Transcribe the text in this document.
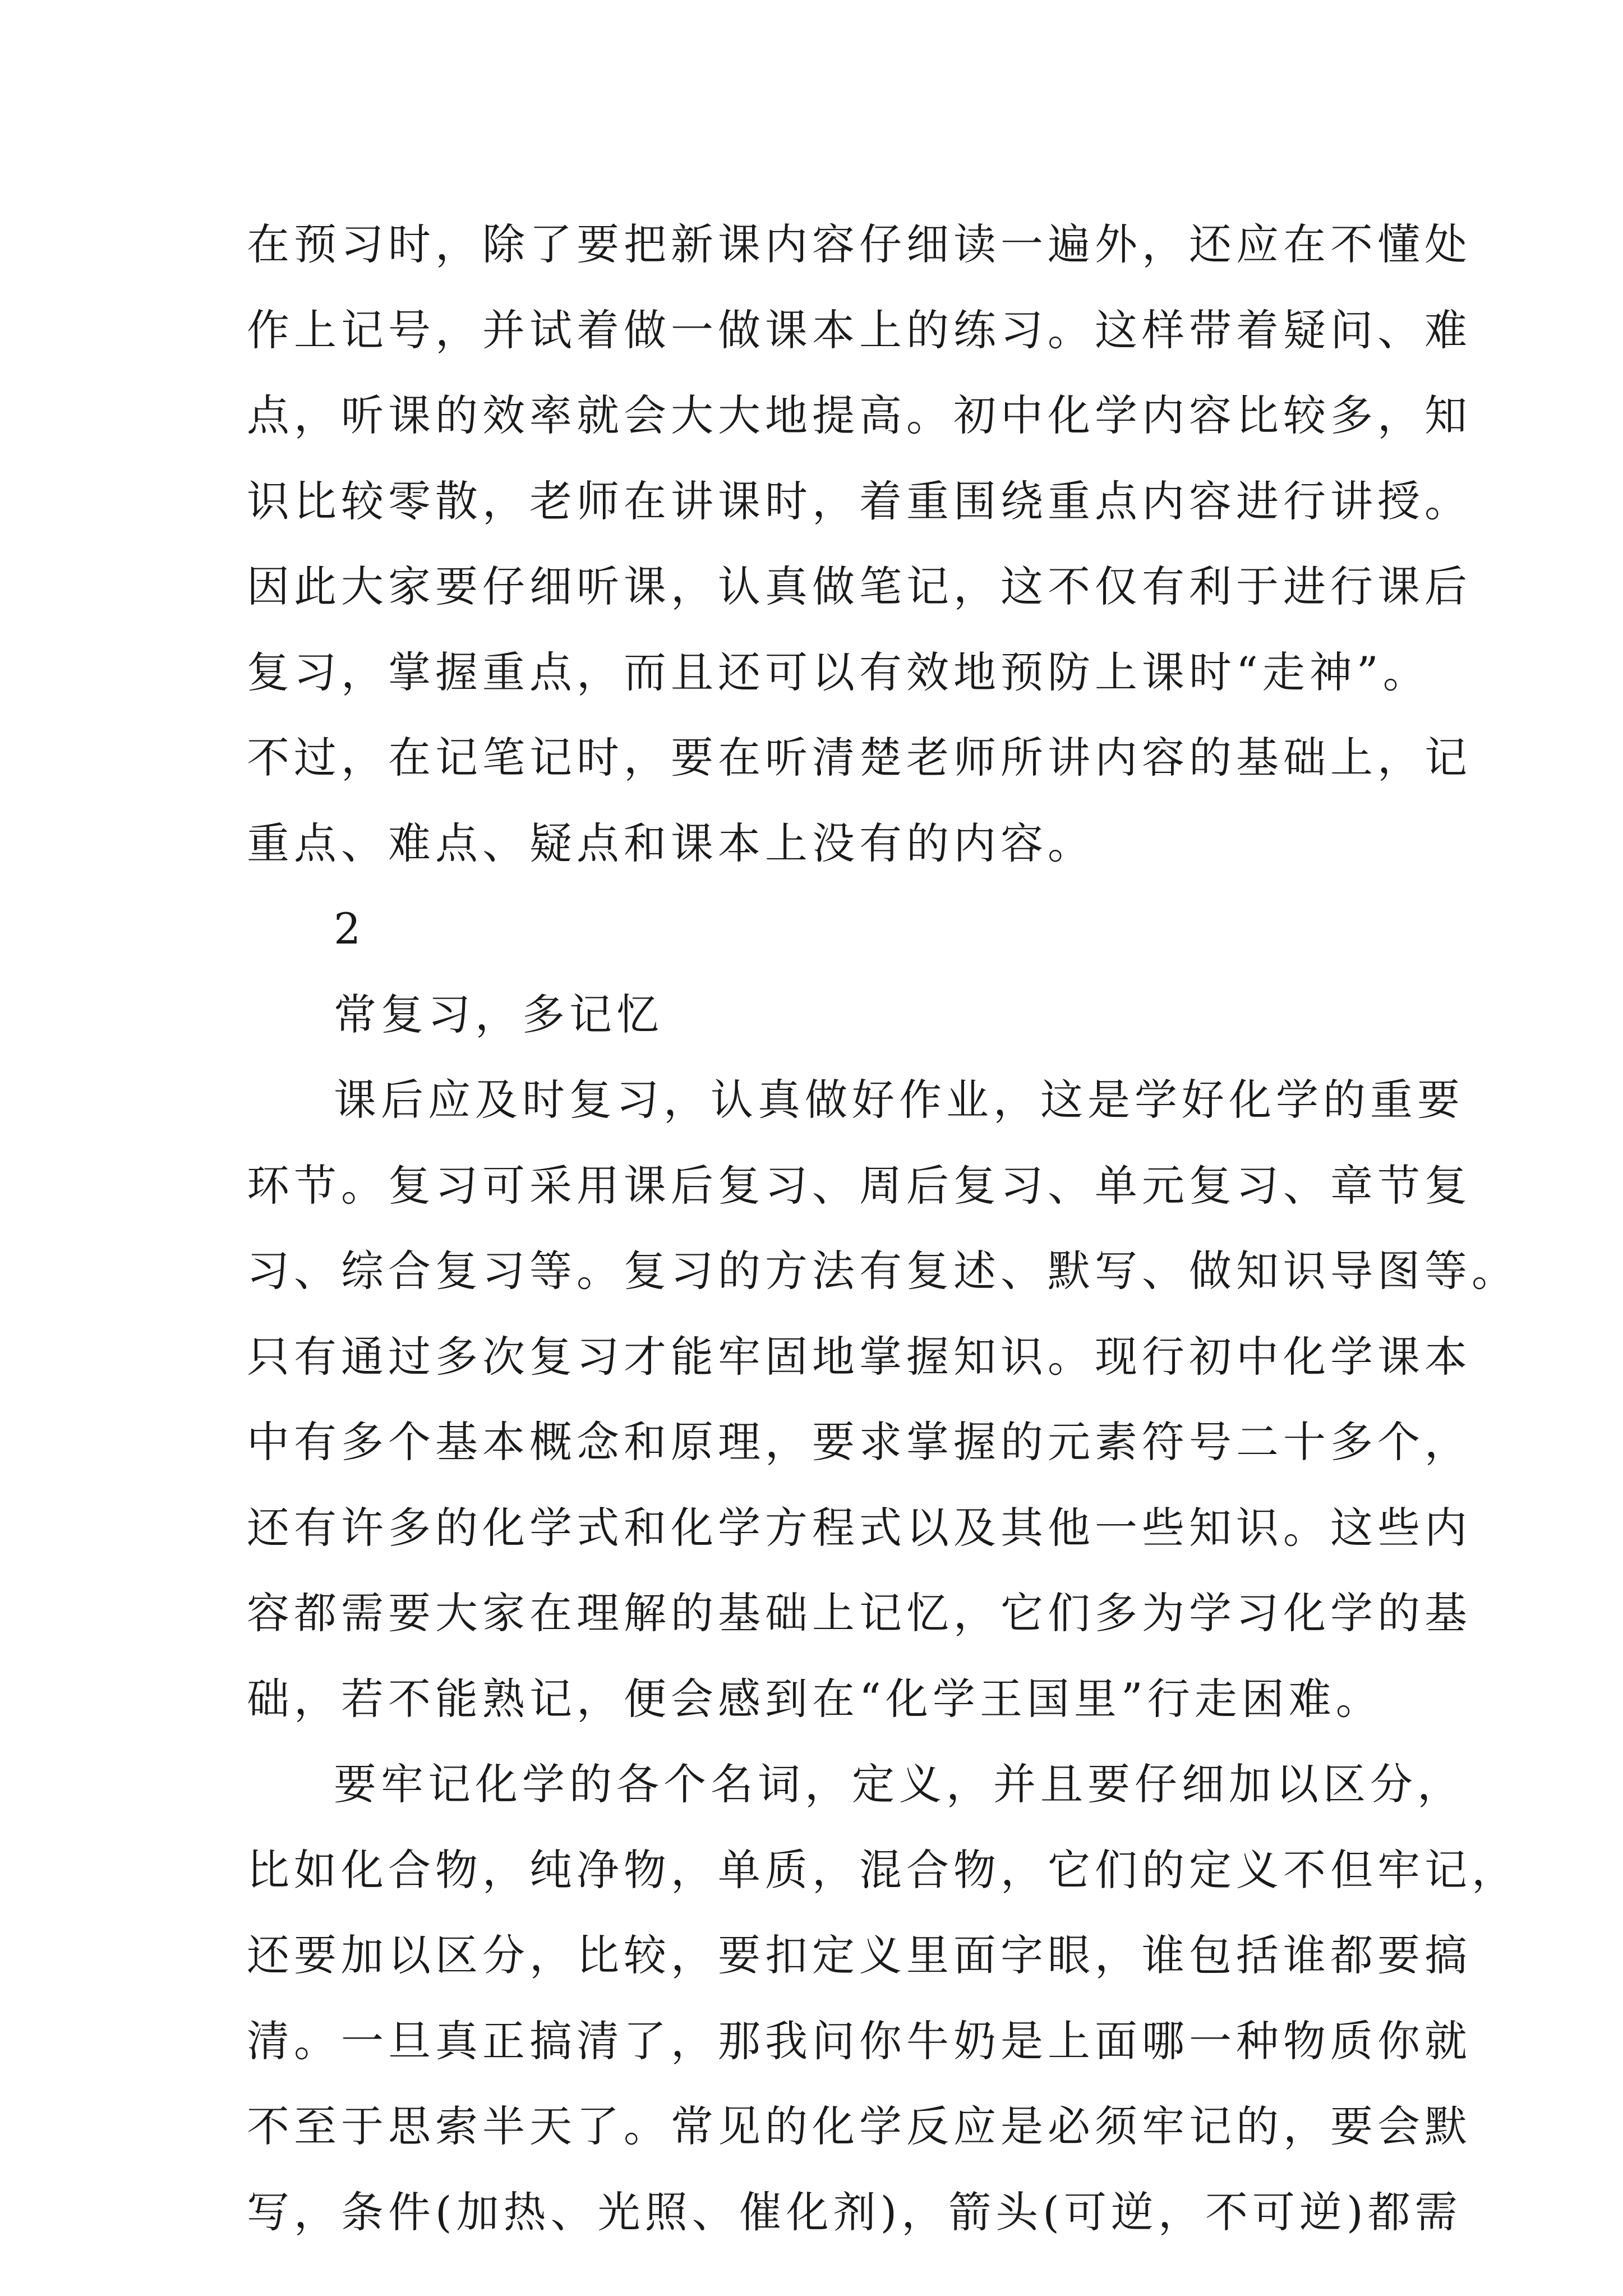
在预习时，除了要把新课内容仔细读一遍外，还应在不懂处
作上记号，并试着做一做课本上的练习。这样带着疑问、难
点，听课的效率就会大大地提高。初中化学内容比较多，知
识比较零散，老师在讲课时，着重围绕重点内容进行讲授。
因此大家要仔细听课，认真做笔记，这不仅有利于进行课后
复习，掌握重点，而且还可以有效地预防上课时“走神”。
不过，在记笔记时，要在听清楚老师所讲内容的基础上，记
重点、难点、疑点和课本上没有的内容。
2
常复习，多记忆
课后应及时复习，认真做好作业，这是学好化学的重要
环节。复习可采用课后复习、周后复习、单元复习、章节复
习、综合复习等。复习的方法有复述、默写、做知识导图等。
只有通过多次复习才能牢固地掌握知识。现行初中化学课本
中有多个基本概念和原理，要求掌握的元素符号二十多个，
还有许多的化学式和化学方程式以及其他一些知识。这些内
容都需要大家在理解的基础上记忆，它们多为学习化学的基
础，若不能熟记，便会感到在“化学王国里”行走困难。
要牢记化学的各个名词，定义，并且要仔细加以区分，
比如化合物，纯净物，单质，混合物，它们的定义不但牢记，
还要加以区分，比较，要扣定义里面字眼，谁包括谁都要搞
清。一旦真正搞清了，那我问你牛奶是上面哪一种物质你就
不至于思索半天了。常见的化学反应是必须牢记的，要会默
写，条件(加热、光照、催化剂)，箭头(可逆，不可逆)都需
